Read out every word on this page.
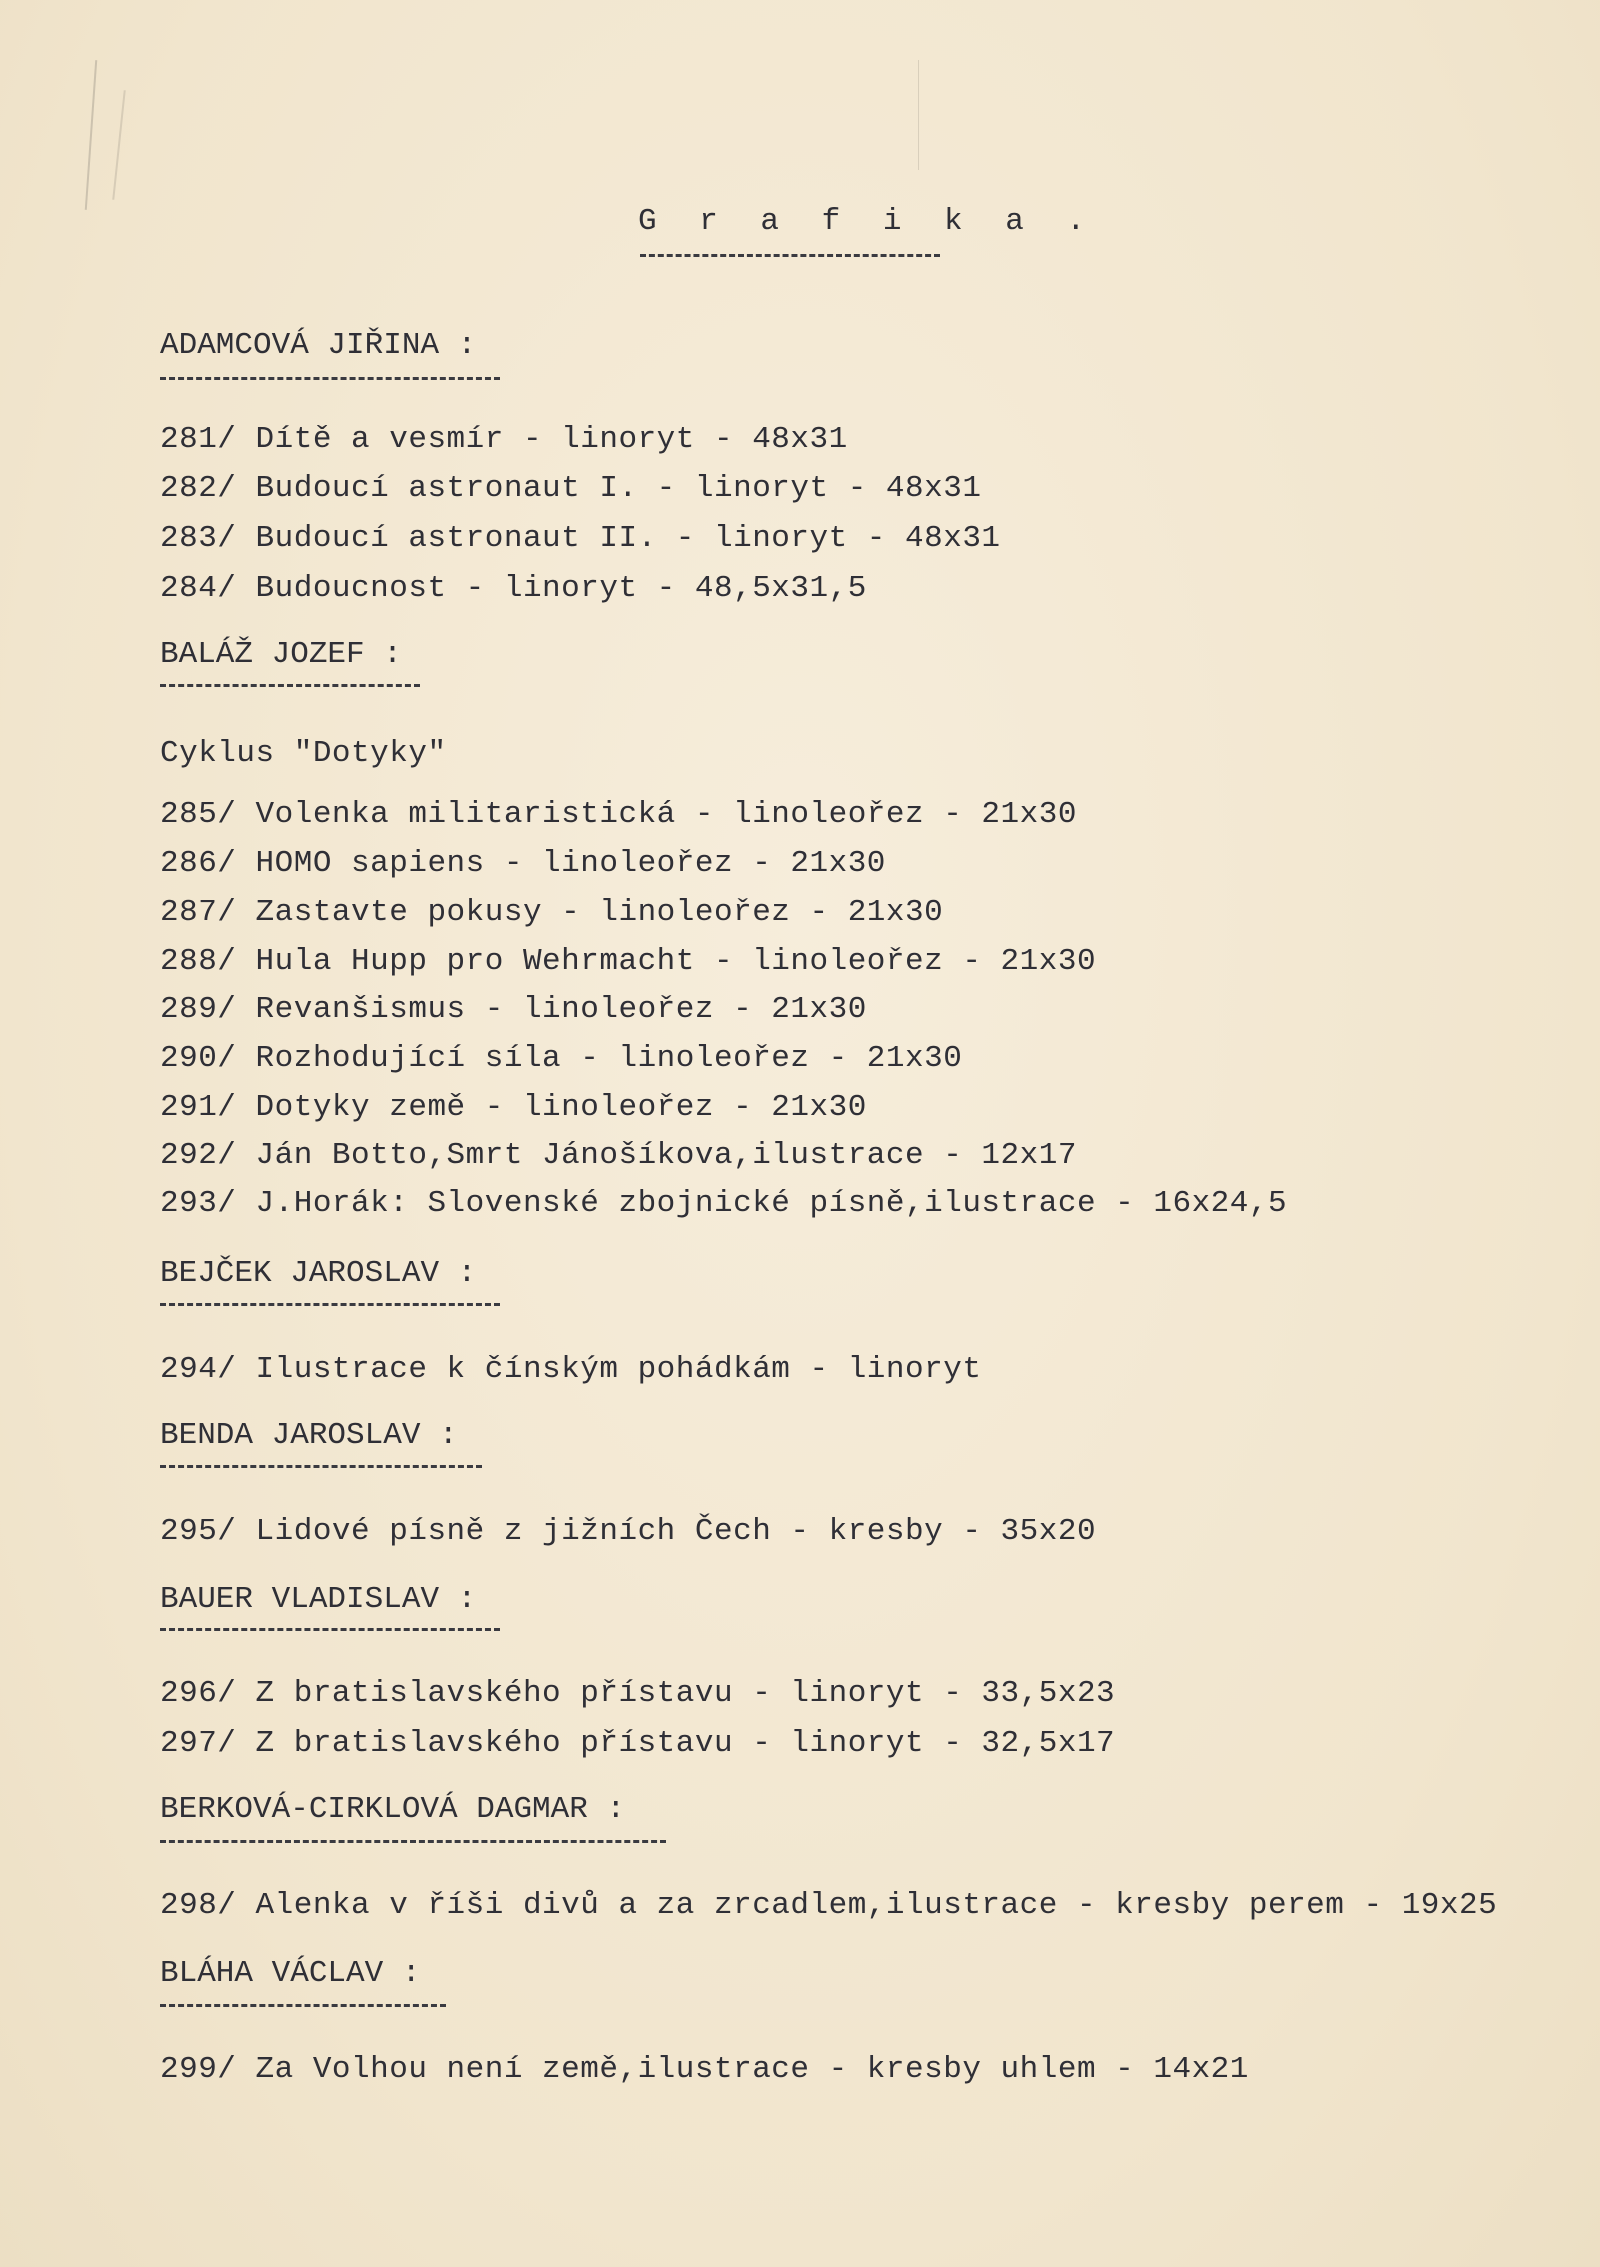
G r a f i k a .
ADAMCOVÁ JIŘINA :
281/ Dítě a vesmír - linoryt - 48x31
282/ Budoucí astronaut I. - linoryt - 48x31
283/ Budoucí astronaut II. - linoryt - 48x31
284/ Budoucnost - linoryt - 48,5x31,5
BALÁŽ JOZEF :
Cyklus "Dotyky"
285/ Volenka militaristická - linoleořez - 21x30
286/ HOMO sapiens - linoleořez - 21x30
287/ Zastavte pokusy - linoleořez - 21x30
288/ Hula Hupp pro Wehrmacht - linoleořez - 21x30
289/ Revanšismus - linoleořez - 21x30
290/ Rozhodující síla - linoleořez - 21x30
291/ Dotyky země - linoleořez - 21x30
292/ Ján Botto,Smrt Jánošíkova,ilustrace - 12x17
293/ J.Horák: Slovenské zbojnické písně,ilustrace - 16x24,5
BEJČEK JAROSLAV :
294/ Ilustrace k čínským pohádkám - linoryt
BENDA JAROSLAV :
295/ Lidové písně z jižních Čech - kresby - 35x20
BAUER VLADISLAV :
296/ Z bratislavského přístavu - linoryt - 33,5x23
297/ Z bratislavského přístavu - linoryt - 32,5x17
BERKOVÁ-CIRKLOVÁ DAGMAR :
298/ Alenka v říši divů a za zrcadlem,ilustrace - kresby perem - 19x25
BLÁHA VÁCLAV :
299/ Za Volhou není země,ilustrace - kresby uhlem - 14x21
